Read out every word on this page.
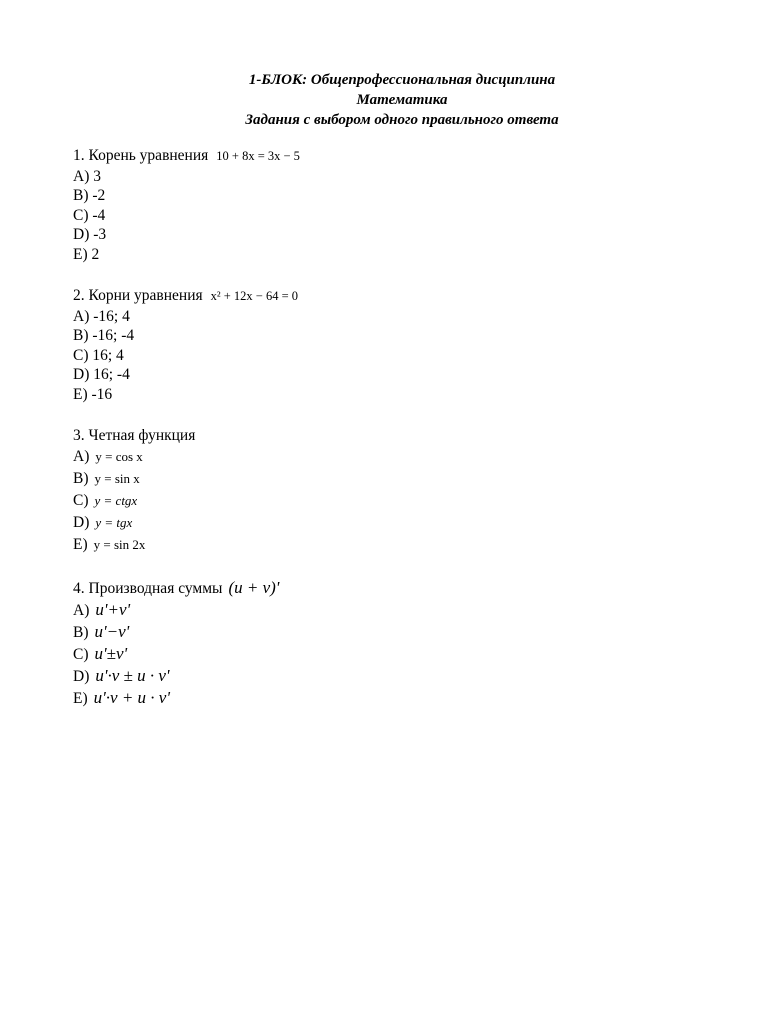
1-БЛОК: Общепрофессиональная дисциплина
Математика
Задания с выбором одного правильного ответа
1. Корень уравнения 10 + 8x = 3x − 5
A) 3
B) -2
C) -4
D) -3
E) 2
2. Корни уравнения x² + 12x − 64 = 0
A) -16; 4
B) -16; -4
C) 16; 4
D) 16; -4
E) -16
3. Четная функция
A) y = cos x
B) y = sin x
C) y = ctgx
D) y = tgx
E) y = sin 2x
4. Производная суммы (u + v)'
A) u'+v'
B) u'−v'
C) u'±v'
D) u'·v ± u · v'
E) u'·v + u · v'
